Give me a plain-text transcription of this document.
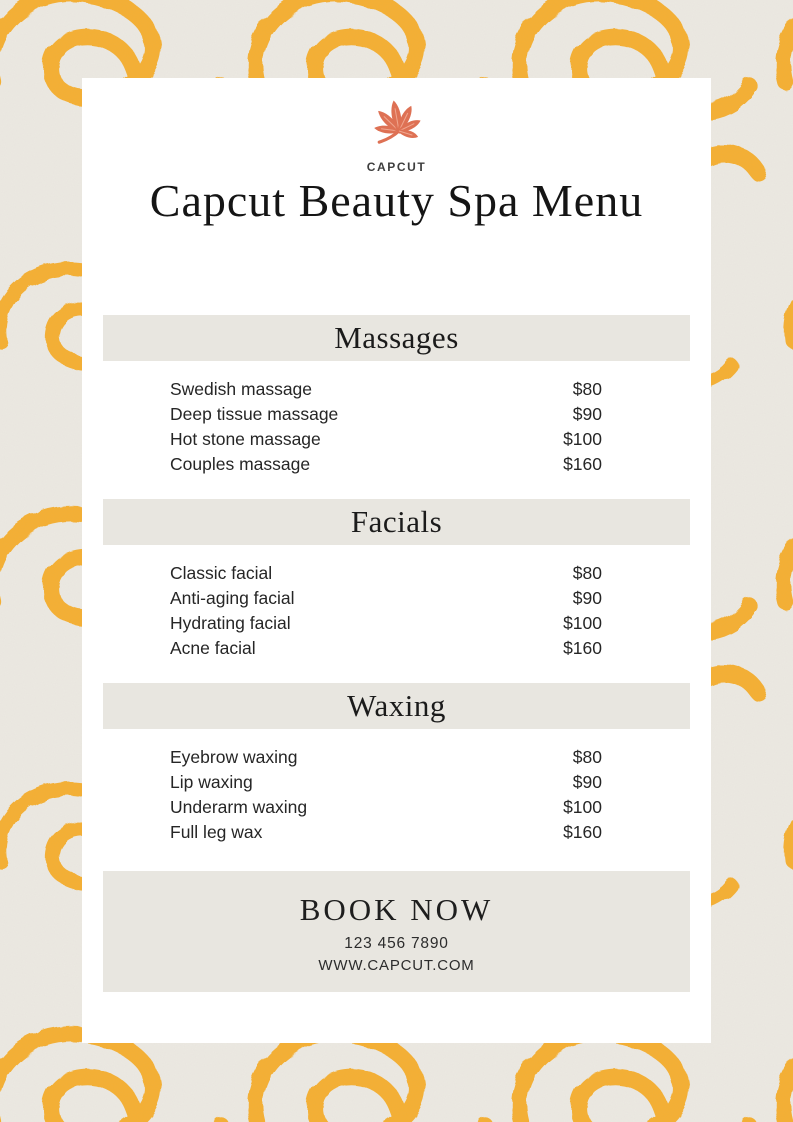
CAPCUT
Capcut Beauty Spa Menu
Massages
Swedish massage	$80
Deep tissue massage	$90
Hot stone massage	$100
Couples massage	$160
Facials
Classic facial	$80
Anti-aging facial	$90
Hydrating facial	$100
Acne facial	$160
Waxing
Eyebrow waxing	$80
Lip waxing	$90
Underarm waxing	$100
Full leg wax	$160
BOOK NOW
123 456 7890
WWW.CAPCUT.COM
